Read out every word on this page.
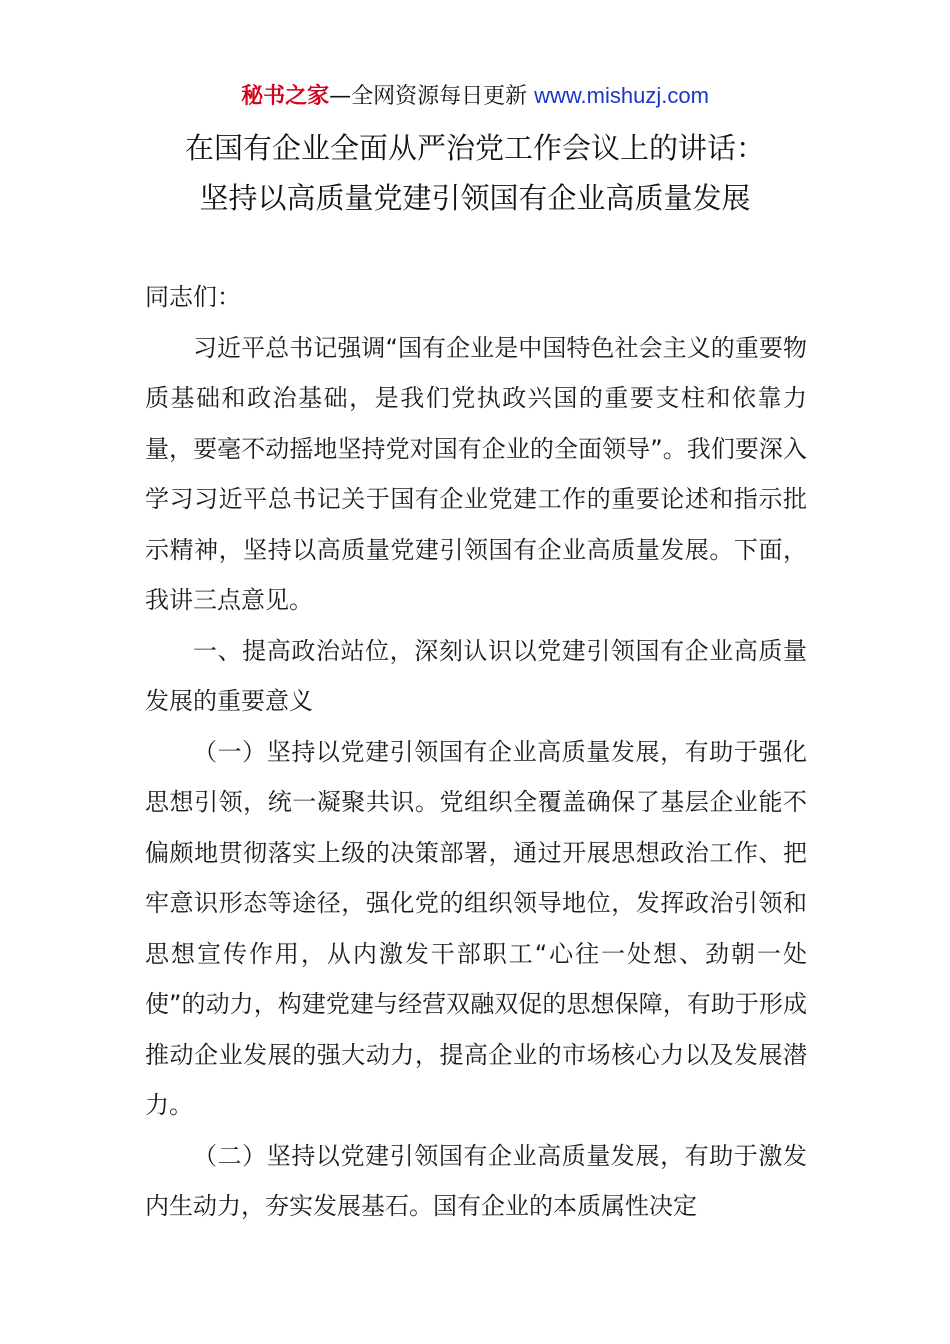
秘书之家—全网资源每日更新 www.mishuzj.com
在国有企业全面从严治党工作会议上的讲话：
坚持以高质量党建引领国有企业高质量发展

同志们：

习近平总书记强调“国有企业是中国特色社会主义的重要物质基础和政治基础，是我们党执政兴国的重要支柱和依靠力量，要毫不动摇地坚持党对国有企业的全面领导”。我们要深入学习习近平总书记关于国有企业党建工作的重要论述和指示批示精神，坚持以高质量党建引领国有企业高质量发展。下面，我讲三点意见。

一、提高政治站位，深刻认识以党建引领国有企业高质量发展的重要意义

（一）坚持以党建引领国有企业高质量发展，有助于强化思想引领，统一凝聚共识。党组织全覆盖确保了基层企业能不偏颇地贯彻落实上级的决策部署，通过开展思想政治工作、把牢意识形态等途径，强化党的组织领导地位，发挥政治引领和思想宣传作用，从内激发干部职工“心往一处想、劲朝一处使”的动力，构建党建与经营双融双促的思想保障，有助于形成推动企业发展的强大动力，提高企业的市场核心力以及发展潜力。

（二）坚持以党建引领国有企业高质量发展，有助于激发内生动力，夯实发展基石。国有企业的本质属性决定
